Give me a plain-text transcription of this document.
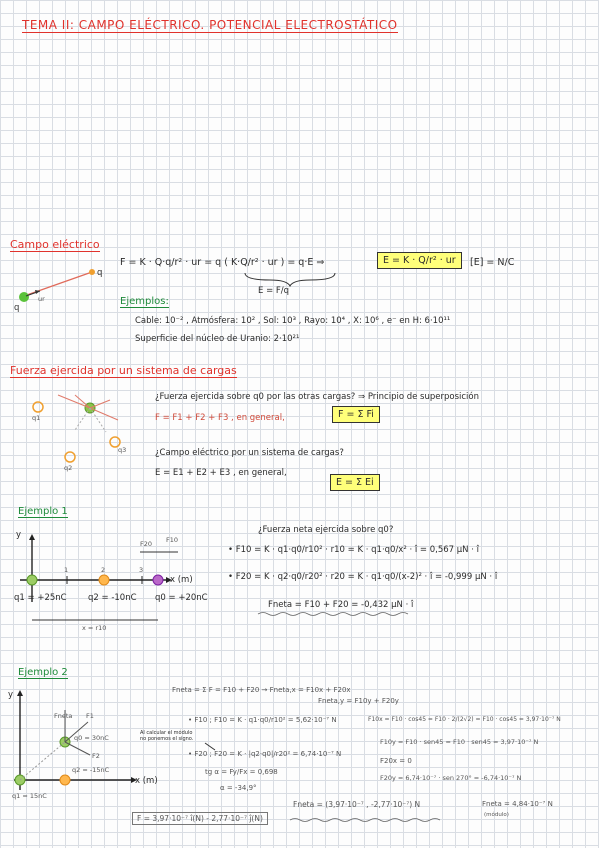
TEMA II: CAMPO ELÉCTRICO. POTENCIAL ELECTROSTÁTICO
Campo eléctrico
q
ur
q
F = K · Q·q/r² · ur = q ( K·Q/r² · ur ) = q·E ⇒	E = K · Q/r² · ur	[E] = N/C
E = F/q
Ejemplos:
Cable: 10⁻² , Atmósfera: 10² , Sol: 10³ , Rayo: 10⁴ , X: 10⁶ , e⁻ en H: 6·10¹¹
Superficie del núcleo de Uranio: 2·10²¹
Fuerza ejercida por un sistema de cargas
q1
q2
q3
¿Fuerza ejercida sobre q0 por las otras cargas? ⇒ Principio de superposición
F = F1 + F2 + F3 , en general,	F = Σ Fi
¿Campo eléctrico por un sistema de cargas?
E = E1 + E2 + E3 , en general,
E = Σ Ei
Ejemplo 1
y
x (m)
1	2	3
q1 = +25nC	q2 = -10nC q0 = +20nC
x = r10
F20 F10
¿Fuerza neta ejercida sobre q0?
• F10 = K · q1·q0/r10² · r10 = K · q1·q0/x² · î = 0,567 μN · î
• F20 = K · q2·q0/r20² · r20 = K · q1·q0/(x-2)² · î = -0,999 μN · î
Fneta = F10 + F20 = -0,432 μN · î
Ejemplo 2
y
x (m)
q1 = 15nC
q2 = -15nC
q0 = 30nC
F1
Fneta
F2
Al calcular el módulo no ponemos el signo.
Fneta = Σ F = F10 + F20 → Fneta,x = F10x + F20x
Fneta,y = F10y + F20y
• F10 ; F10 = K · q1·q0/r10² = 5,62·10⁻⁷ N	F10x = F10 · cos45 = F10 · 2/(2√2) = F10 · cos45 = 3,97·10⁻⁷ N
• F20 ; F20 = K · |q2·q0|/r20² = 6,74·10⁻⁷ N
F10y = F10 · sen45 = F10 · sen45 = 3,97·10⁻⁷ N
tg α = Fy/Fx = 0,698
F20x = 0
α = -34,9°
F20y = 6,74·10⁻⁷ · sen 270° = -6,74·10⁻⁷ N
Fneta = (3,97·10⁻⁷ , -2,77·10⁻⁷) N	Fneta = 4,84·10⁻⁷ N
(módulo)
F = 3,97·10⁻⁷ î(N) - 2,77·10⁻⁷ ĵ(N)
